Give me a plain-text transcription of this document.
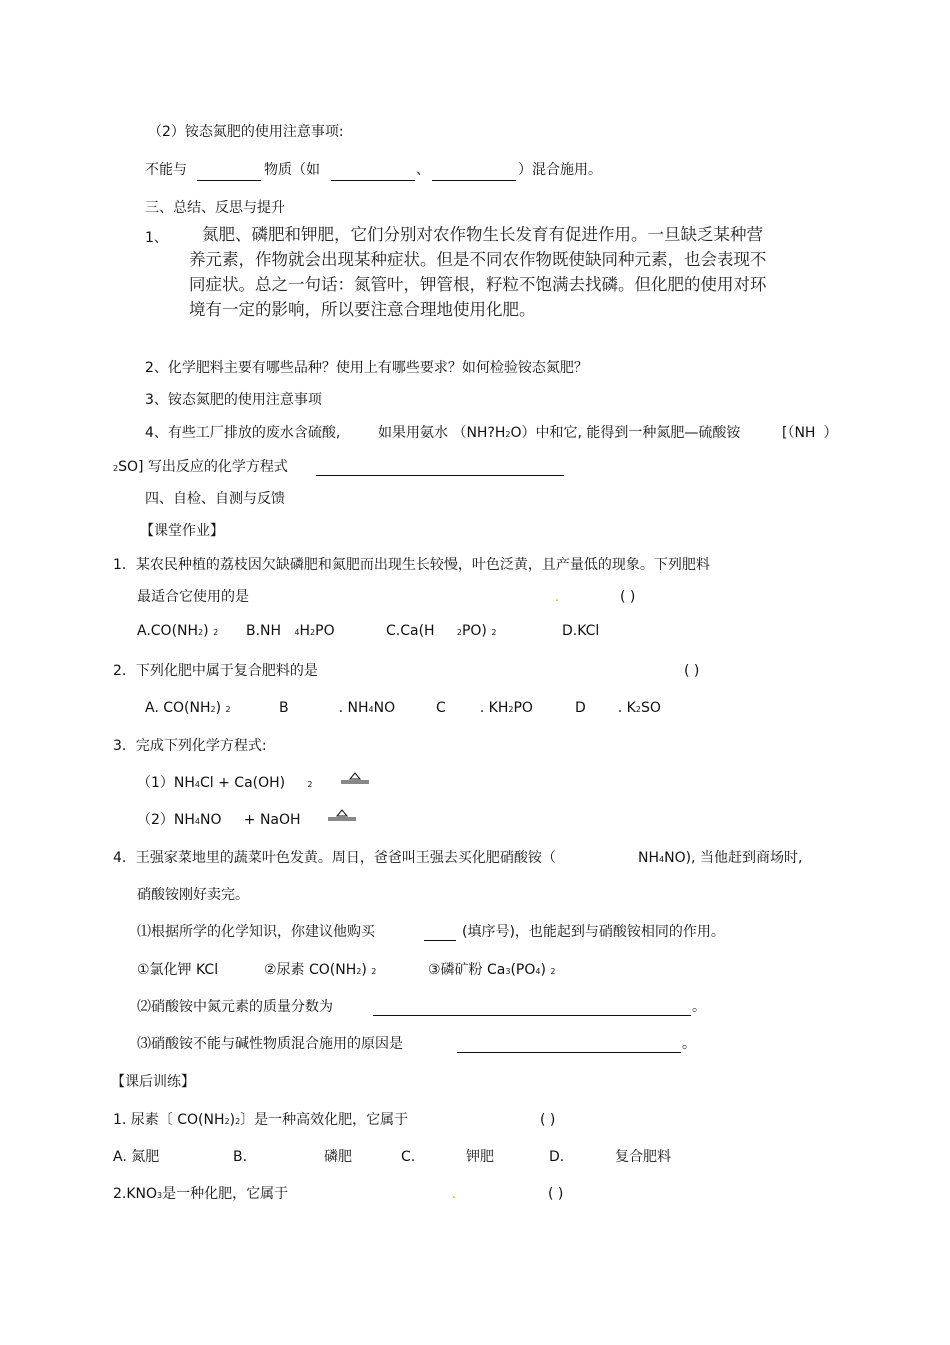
（2）铵态氮肥的使用注意事项:
不能与	物质（如	、	）混合施用。
三、总结、反思与提升
1、 氮肥、磷肥和钾肥，它们分别对农作物生长发育有促进作用。一旦缺乏某种营
养元素，作物就会出现某种症状。但是不同农作物既使缺同种元素，也会表现不
同症状。总之一句话：氮管叶，钾管根，籽粒不饱满去找磷。但化肥的使用对环
境有一定的影响，所以要注意合理地使用化肥。
2、化学肥料主要有哪些品种？使用上有哪些要求？如何检验铵态氮肥？
3、铵态氮肥的使用注意事项
4、有些工厂排放的废水含硫酸,	如果用氨水 （NH?H2O）中和它, 能得到一种氮肥—硫酸铵	[（NH ）
2SO] 写出反应的化学方程式
四、自检、自测与反馈
【课堂作业】
1．某农民种植的荔枝因欠缺磷肥和氮肥而出现生长较慢，叶色泛黄，且产量低的现象。下列肥料
最适合它使用的是	.	( )
A.CO(NH2) 2 B.NH 4H2PO	C.Ca(H	2PO) 2	D.KCl
2．下列化肥中属于复合肥料的是	( )
A. CO(NH2) 2	B	. NH4NO	C . KH2PO	D . K2SO
3．完成下列化学方程式:
（1）NH4Cl + Ca(OH)	2
（2）NH4NO + NaOH
4．王强家菜地里的蔬菜叶色发黄。周日，爸爸叫王强去买化肥硝酸铵（	NH4NO), 当他赶到商场时,
硝酸铵刚好卖完。
⑴根据所学的化学知识，你建议他购买	(填序号)，也能起到与硝酸铵相同的作用。
①氯化钾 KCl	②尿素 CO(NH2) 2	③磷矿粉 Ca3(PO4) 2
⑵硝酸铵中氮元素的质量分数为	。
⑶硝酸铵不能与碱性物质混合施用的原因是	。
【课后训练】
1. 尿素〔 CO(NH2)2〕是一种高效化肥，它属于	( )
A. 氮肥	B.	磷肥	C.	钾肥	D.	复合肥料
2.KNO3是一种化肥，它属于	.	( )
